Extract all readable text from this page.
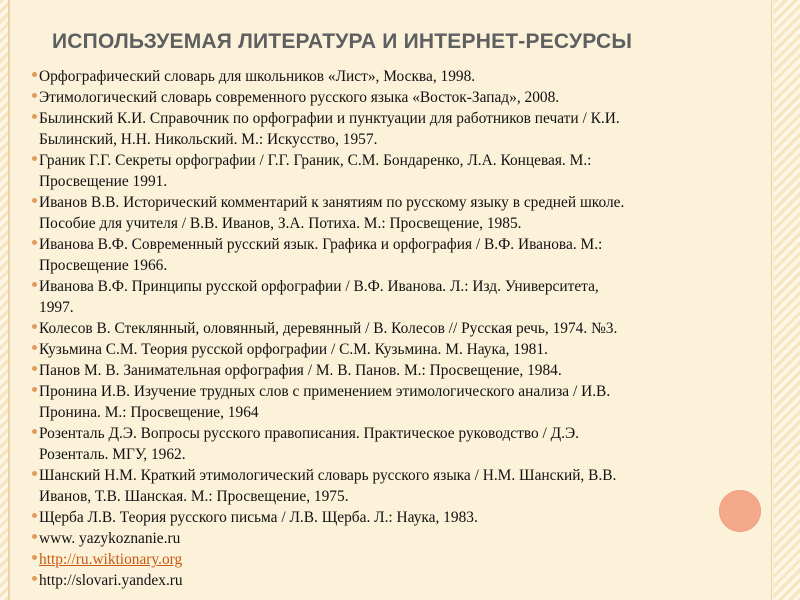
ИСПОЛЬЗУЕМАЯ ЛИТЕРАТУРА И ИНТЕРНЕТ-РЕСУРСЫ
Орфографический словарь для школьников «Лист», Москва, 1998.
Этимологический словарь современного русского языка «Восток-Запад», 2008.
Былинский К.И. Справочник по орфографии и пунктуации для работников печати / К.И.
Былинский, Н.Н. Никольский. М.: Искусство, 1957.
Граник Г.Г. Секреты орфографии / Г.Г. Граник, С.М. Бондаренко, Л.А. Концевая. М.:
Просвещение 1991.
Иванов В.В. Исторический комментарий к занятиям по русскому языку в средней школе.
Пособие для учителя / В.В. Иванов, З.А. Потиха. М.: Просвещение, 1985.
Иванова В.Ф. Современный русский язык. Графика и орфография / В.Ф. Иванова. М.:
Просвещение 1966.
Иванова В.Ф. Принципы русской орфографии / В.Ф. Иванова. Л.: Изд. Университета,
1997.
Колесов В. Стеклянный, оловянный, деревянный / В. Колесов // Русская речь, 1974. №3.
Кузьмина С.М. Теория русской орфографии / С.М. Кузьмина. М. Наука, 1981.
Панов М. В. Занимательная орфография / М. В. Панов. М.: Просвещение, 1984.
Пронина И.В. Изучение трудных слов с применением этимологического анализа / И.В.
Пронина. М.: Просвещение, 1964
Розенталь Д.Э. Вопросы русского правописания. Практическое руководство / Д.Э.
Розенталь. МГУ, 1962.
Шанский Н.М. Краткий этимологический словарь русского языка / Н.М. Шанский, В.В.
Иванов, Т.В. Шанская. М.: Просвещение, 1975.
Щерба Л.В. Теория русского письма / Л.В. Щерба. Л.: Наука, 1983.
www. yazykoznanie.ru
http://ru.wiktionary.org
http://slovari.yandex.ru
